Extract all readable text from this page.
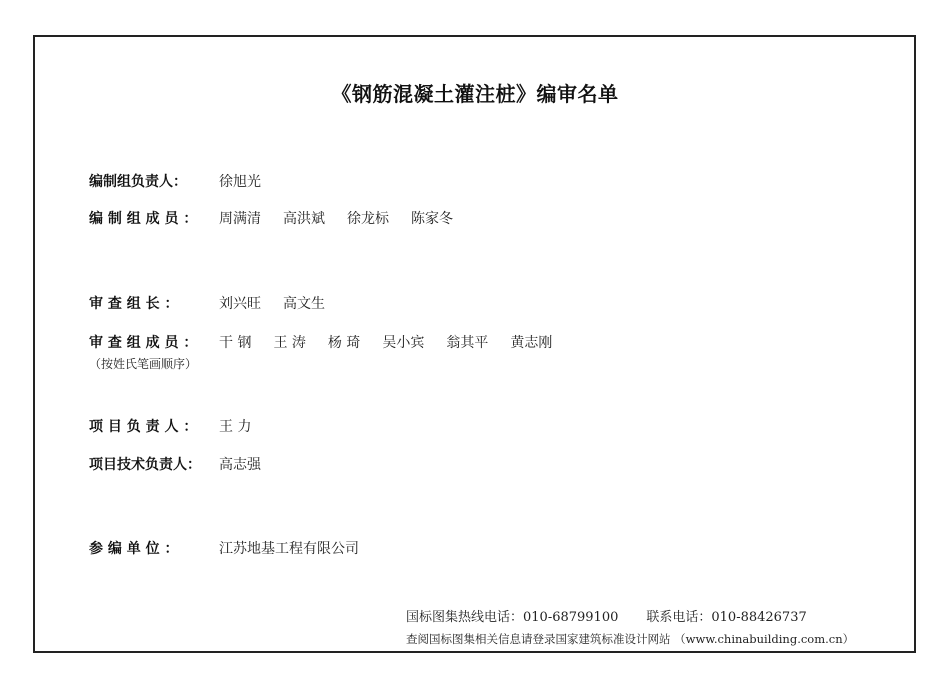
《钢筋混凝土灌注桩》编审名单
编制组负责人： 徐旭光
编 制 组 成 员 ： 周满清 高洪斌 徐龙标 陈家冬
审 查 组 长 ：	刘兴旺 高文生
审 查 组 成 员 ： 干 钢 王 涛 杨 琦 吴小宾 翁其平 黄志刚
（按姓氏笔画顺序）
项 目 负 责 人 ： 王 力
项目技术负责人： 高志强
参 编 单 位 ：	江苏地基工程有限公司
国标图集热线电话：010-68799100 联系电话：010-88426737
查阅国标图集相关信息请登录国家建筑标准设计网站 （www.chinabuilding.com.cn）
